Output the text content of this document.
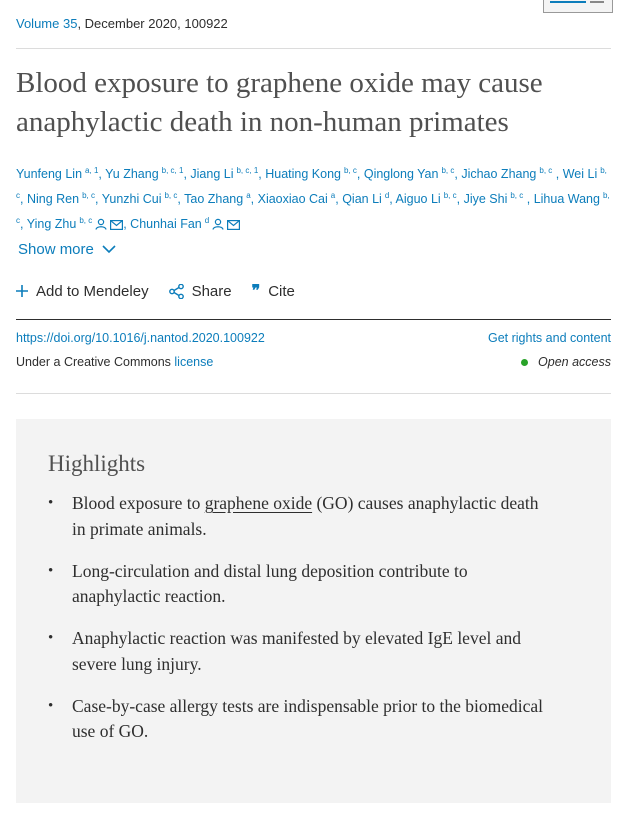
Volume 35, December 2020, 100922
Blood exposure to graphene oxide may cause anaphylactic death in non-human primates
Yunfeng Lin $^{a, 1}$, Yu Zhang $^{b, c, 1}$, Jiang Li $^{b, c, 1}$, Huating Kong $^{b, c}$, Qinglong Yan $^{b, c}$, Jichao Zhang $^{b, c}$ , Wei Li $^{b, c}$, Ning Ren $^{b, c}$, Yunzhi Cui $^{b, c}$, Tao Zhang $^a$, Xiaoxiao Cai $^a$, Qian Li $^d$, Aiguo Li $^{b, c}$, Jiye Shi $^{b, c}$ , Lihua Wang $^{b, c}$, Ying Zhu $^{b, c}$ , Chunhai Fan $^d$
Show more
Add to Mendeley	Share ❞ Cite
https://doi.org/10.1016/j.nantod.2020.100922	Get rights and content
Under a Creative Commons license	Open access
Highlights
• Blood exposure to graphene oxide (GO) causes anaphylactic death in primate animals.
• Long-circulation and distal lung deposition contribute to anaphylactic reaction.
• Anaphylactic reaction was manifested by elevated IgE level and severe lung injury.
• Case-by-case allergy tests are indispensable prior to the biomedical use of GO.
